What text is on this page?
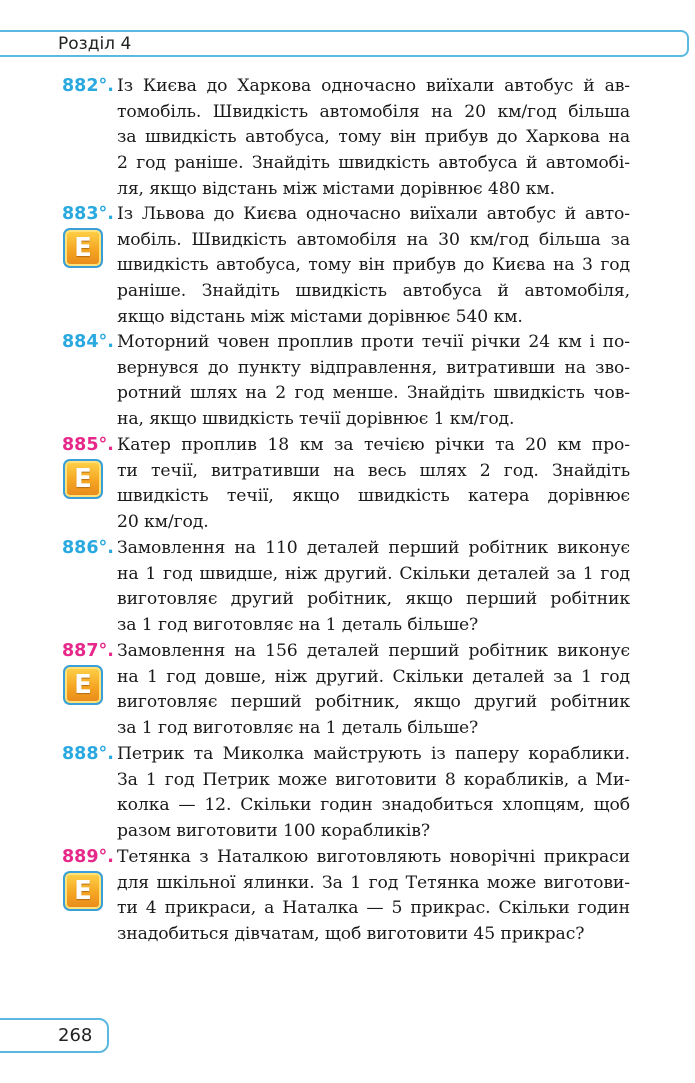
Розділ 4
882°. Із Києва до Харкова одночасно виїхали автобус й ав-
томобіль. Швидкість автомобіля на 20 км/год більша
за швидкість автобуса, тому він прибув до Харкова на
2 год раніше. Знайдіть швидкість автобуса й автомобі-
ля, якщо відстань між містами дорівнює 480 км.
883°.
E
Із Львова до Києва одночасно виїхали автобус й авто-
мобіль. Швидкість автомобіля на 30 км/год більша за
швидкість автобуса, тому він прибув до Києва на 3 год
раніше. Знайдіть швидкість автобуса й автомобіля,
якщо відстань між містами дорівнює 540 км.
884°. Моторний човен проплив проти течії річки 24 км і по-
вернувся до пункту відправлення, витративши на зво-
ротний шлях на 2 год менше. Знайдіть швидкість чов-
на, якщо швидкість течії дорівнює 1 км/год.
885°.
E
Катер проплив 18 км за течією річки та 20 км про-
ти течії, витративши на весь шлях 2 год. Знайдіть
швидкість течії, якщо швидкість катера дорівнює
20 км/год.
886°. Замовлення на 110 деталей перший робітник виконує
на 1 год швидше, ніж другий. Скільки деталей за 1 год
виготовляє другий робітник, якщо перший робітник
за 1 год виготовляє на 1 деталь більше?
887°.
E
Замовлення на 156 деталей перший робітник виконує
на 1 год довше, ніж другий. Скільки деталей за 1 год
виготовляє перший робітник, якщо другий робітник
за 1 год виготовляє на 1 деталь більше?
888°. Петрик та Миколка майструють із паперу кораблики.
За 1 год Петрик може виготовити 8 корабликів, а Ми-
колка — 12. Скільки годин знадобиться хлопцям, щоб
разом виготовити 100 корабликів?
889°.
E
Тетянка з Наталкою виготовляють новорічні прикраси
для шкільної ялинки. За 1 год Тетянка може виготови-
ти 4 прикраси, а Наталка — 5 прикрас. Скільки годин
знадобиться дівчатам, щоб виготовити 45 прикрас?
268
